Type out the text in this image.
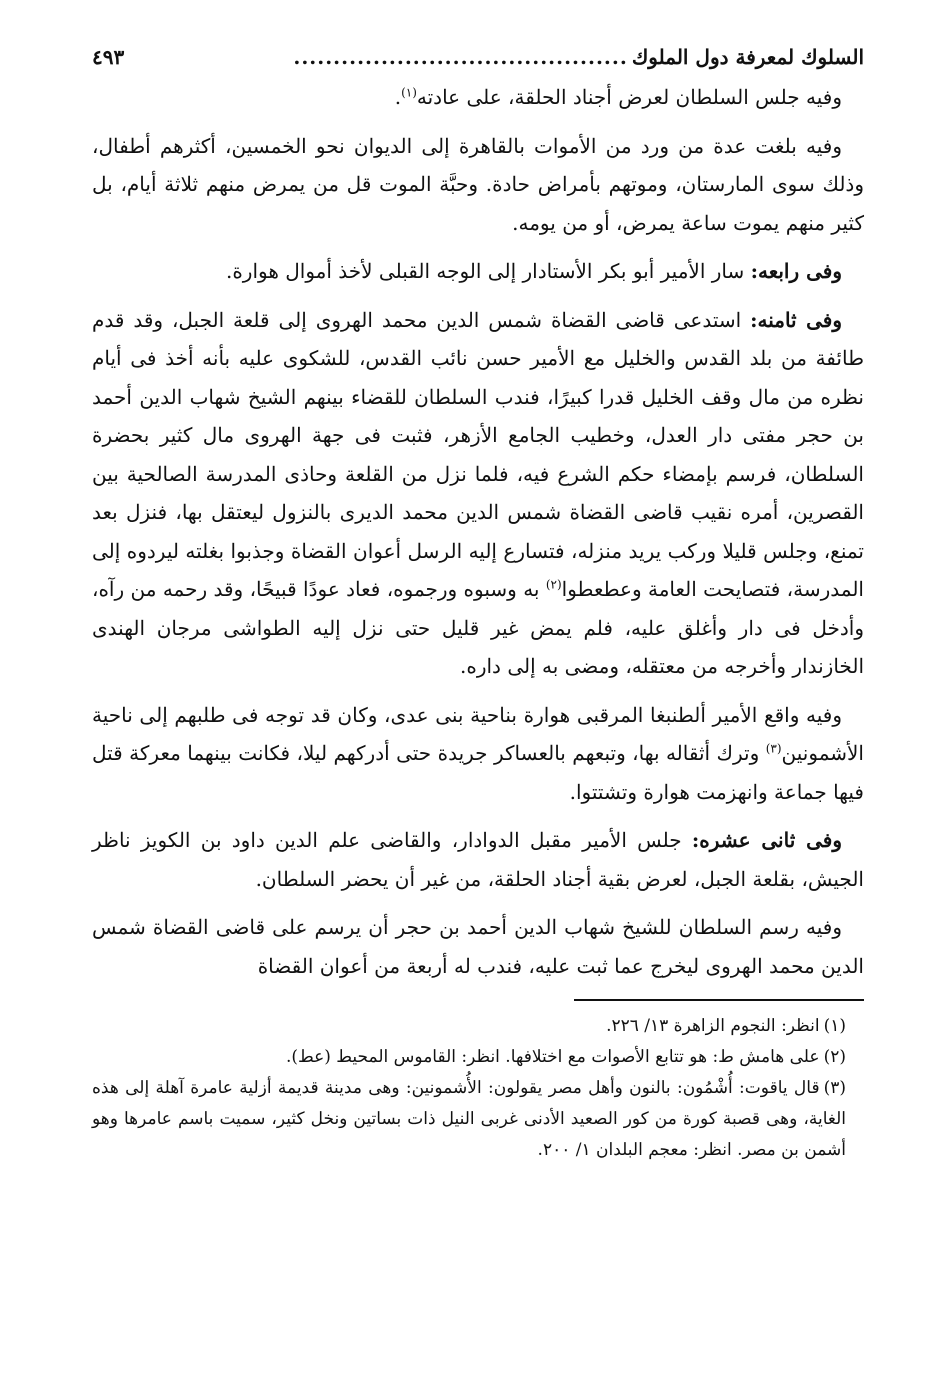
السلوك لمعرفة دول الملوك
..........................................
٤٩٣

وفيه جلس السلطان لعرض أجناد الحلقة، على عادته$^{(١)}$.

وفيه بلغت عدة من ورد من الأموات بالقاهرة إلى الديوان نحو الخمسين، أكثرهم أطفال، وذلك سوى المارستان، وموتهم بأمراض حادة. وحبَّة الموت قل من يمرض منهم ثلاثة أيام، بل كثير منهم يموت ساعة يمرض، أو من يومه.

وفى رابعه: سار الأمير أبو بكر الأستادار إلى الوجه القبلى لأخذ أموال هوارة.

وفى ثامنه: استدعى قاضى القضاة شمس الدين محمد الهروى إلى قلعة الجبل، وقد قدم طائفة من بلد القدس والخليل مع الأمير حسن نائب القدس، للشكوى عليه بأنه أخذ فى أيام نظره من مال وقف الخليل قدرا كبيرًا، فندب السلطان للقضاء بينهم الشيخ شهاب الدين أحمد بن حجر مفتى دار العدل، وخطيب الجامع الأزهر، فثبت فى جهة الهروى مال كثير بحضرة السلطان، فرسم بإمضاء حكم الشرع فيه، فلما نزل من القلعة وحاذى المدرسة الصالحية بين القصرين، أمره نقيب قاضى القضاة شمس الدين محمد الديرى بالنزول ليعتقل بها، فنزل بعد تمنع، وجلس قليلا وركب يريد منزله، فتسارع إليه الرسل أعوان القضاة وجذبوا بغلته ليردوه إلى المدرسة، فتصايحت العامة وعطعطوا$^{(٢)}$ به وسبوه ورجموه، فعاد عودًا قبيحًا، وقد رحمه من رآه، وأدخل فى دار وأغلق عليه، فلم يمض غير قليل حتى نزل إليه الطواشى مرجان الهندى الخازندار وأخرجه من معتقله، ومضى به إلى داره.

وفيه واقع الأمير ألطنبغا المرقبى هوارة بناحية بنى عدى، وكان قد توجه فى طلبهم إلى ناحية الأشمونين$^{(٣)}$ وترك أثقاله بها، وتبعهم بالعساكر جريدة حتى أدركهم ليلا، فكانت بينهما معركة قتل فيها جماعة وانهزمت هوارة وتشتتوا.

وفى ثانى عشره: جلس الأمير مقبل الدوادار، والقاضى علم الدين داود بن الكويز ناظر الجيش، بقلعة الجبل، لعرض بقية أجناد الحلقة، من غير أن يحضر السلطان.

وفيه رسم السلطان للشيخ شهاب الدين أحمد بن حجر أن يرسم على قاضى القضاة شمس الدين محمد الهروى ليخرج عما ثبت عليه، فندب له أربعة من أعوان القضاة

(١)انظر: النجوم الزاهرة ١٣/ ٢٢٦.

(٢)على هامش ط: هو تتابع الأصوات مع اختلافها. انظر: القاموس المحيط (عط).

(٣)قال ياقوت: أُشْمُون: بالنون وأهل مصر يقولون: الأُشمونين: وهى مدينة قديمة أزلية عامرة آهلة إلى هذه الغاية، وهى قصبة كورة من كور الصعيد الأدنى غربى النيل ذات بساتين ونخل كثير، سميت باسم عامرها وهو أشمن بن مصر. انظر: معجم البلدان ١/ ٢٠٠.
